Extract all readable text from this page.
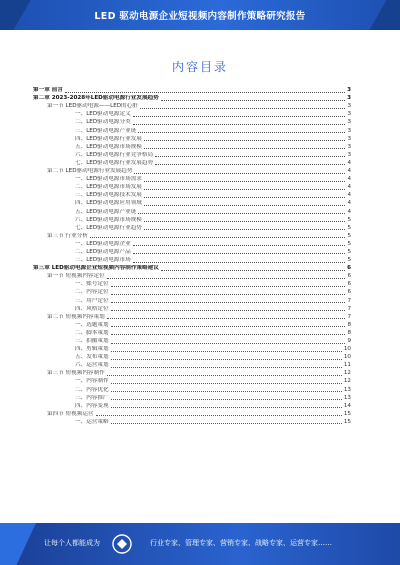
LED 驱动电源企业短视频内容制作策略研究报告
内容目录
第一章 前言	3
第二章 2023-2028年LED驱动电源行业发展趋势	3
第一节 LED驱动电源——LED的心脏	3
一、LED驱动电源定义	3
二、LED驱动电源分类	3
三、LED驱动电源产业链	3
四、LED驱动电源行业发展	3
五、LED驱动电源市场规模	3
六、LED驱动电源行业竞争格局	3
七、LED驱动电源行业发展趋势	4
第二节 LED驱动电源行业发展趋势	4
一、LED驱动电源市场需求	4
二、LED驱动电源市场发展	4
三、LED驱动电源技术发展	4
四、LED驱动电源应用领域	4
五、LED驱动电源产业链	4
六、LED驱动电源市场规模	5
七、LED驱动电源行业趋势	5
第三节 行业分析	5
一、LED驱动电源企业	5
二、LED驱动电源产品	5
三、LED驱动电源市场	5
第三章 LED驱动电源企业短视频内容制作策略建议	6
第一节 短视频内容定位	6
一、账号定位	6
二、内容定位	6
三、用户定位	7
四、风格定位	7
第二节 短视频内容策划	7
一、选题策划	8
二、脚本策划	8
三、拍摄策划	9
四、剪辑策划	10
五、发布策划	10
六、运营策划	11
第三节 短视频内容制作	12
一、内容制作	12
二、内容优化	13
三、内容推广	13
四、内容变现	14
第四节 短视频运营	15
一、运营策略	15
让每个人都能成为	行业专家、管理专家、营销专家、战略专家、运营专家……
